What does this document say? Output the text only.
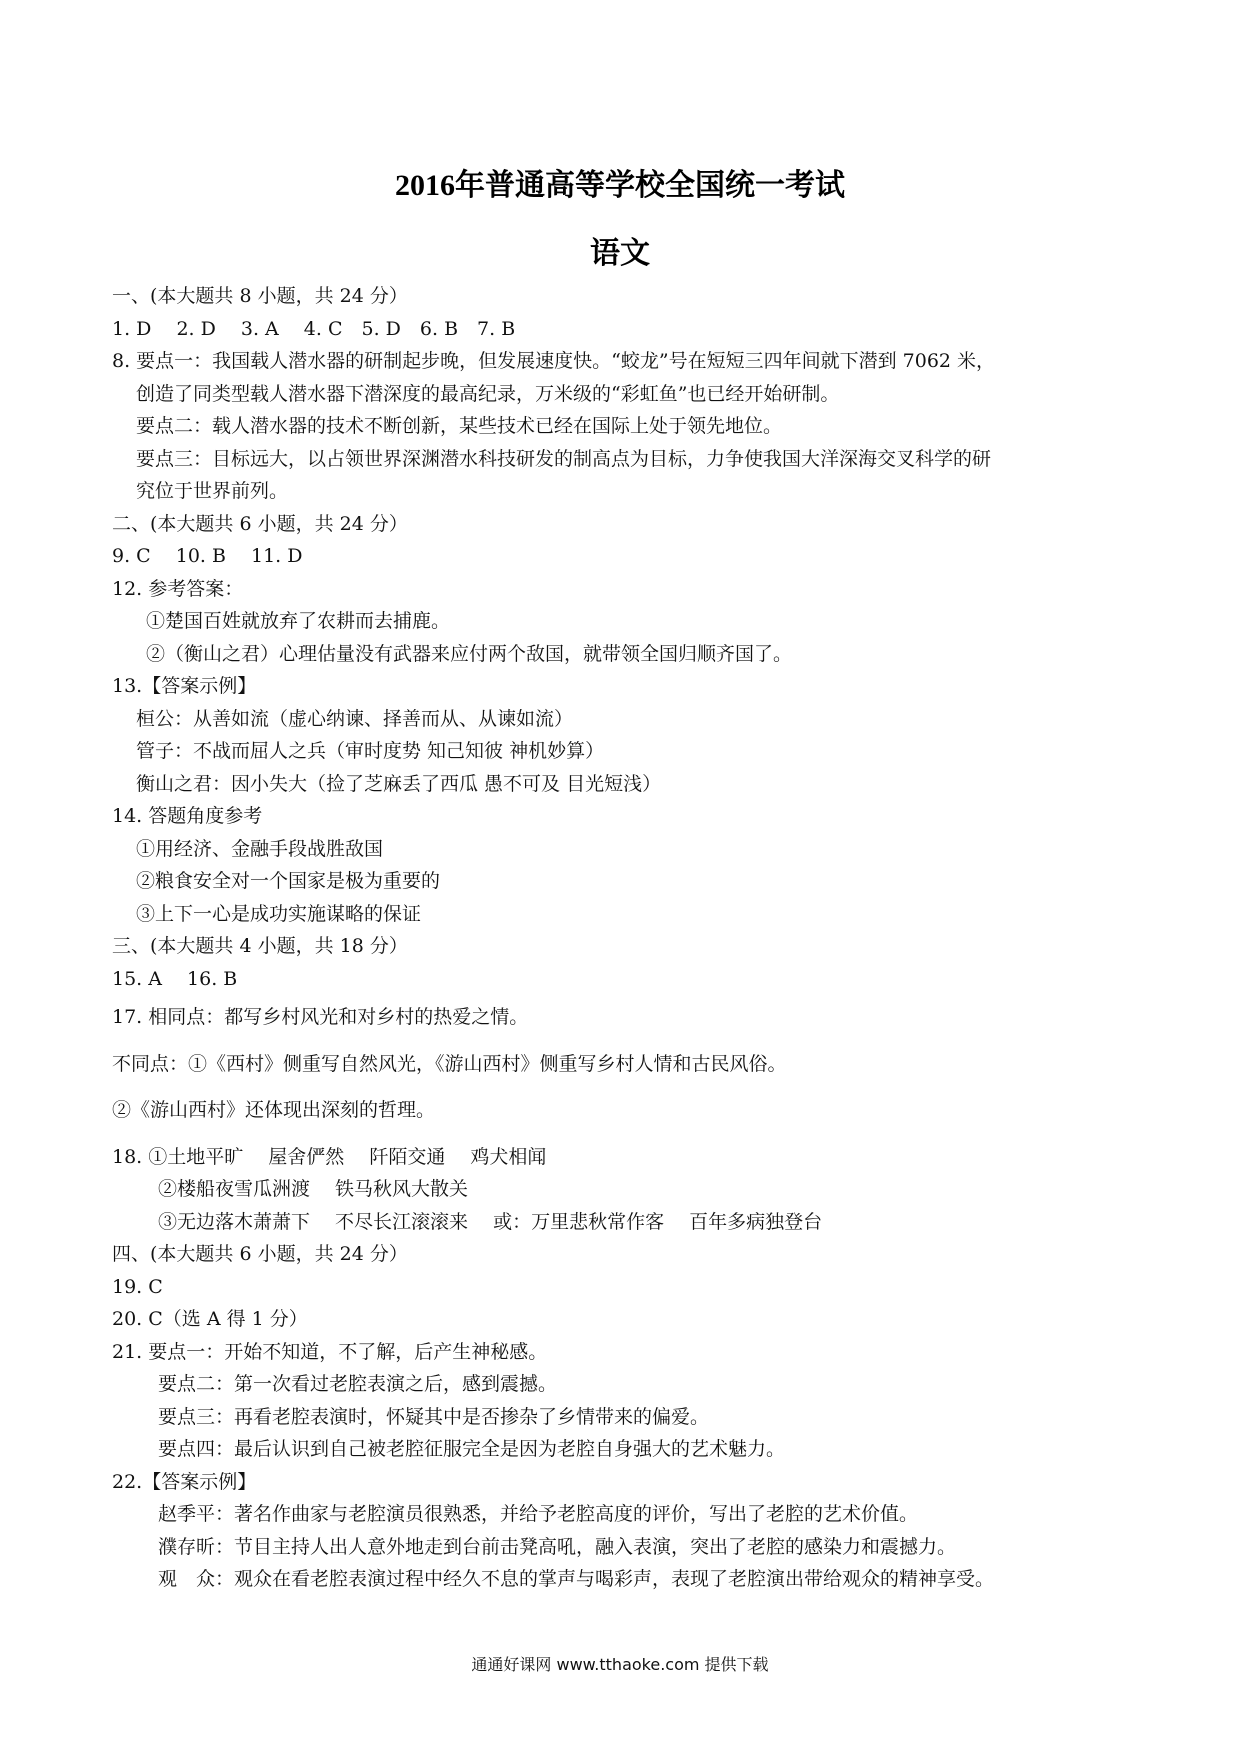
2016年普通高等学校全国统一考试
语文
一、(本大题共 8 小题，共 24 分）
1. D　 2. D　 3. A　 4. C　5. D　6. B　7. B
8. 要点一：我国载人潜水器的研制起步晚，但发展速度快。“蛟龙”号在短短三四年间就下潜到 7062 米，
创造了同类型载人潜水器下潜深度的最高纪录，万米级的“彩虹鱼”也已经开始研制。
要点二：载人潜水器的技术不断创新，某些技术已经在国际上处于领先地位。
要点三：目标远大，以占领世界深渊潜水科技研发的制高点为目标，力争使我国大洋深海交叉科学的研
究位于世界前列。
二、(本大题共 6 小题，共 24 分）
9. C　 10. B　 11. D
12. 参考答案：
①楚国百姓就放弃了农耕而去捕鹿。
②（衡山之君）心理估量没有武器来应付两个敌国，就带领全国归顺齐国了。
13.【答案示例】
桓公：从善如流（虚心纳谏、择善而从、从谏如流）
管子：不战而屈人之兵（审时度势 知己知彼 神机妙算）
衡山之君：因小失大（捡了芝麻丢了西瓜 愚不可及 目光短浅）
14. 答题角度参考
①用经济、金融手段战胜敌国
②粮食安全对一个国家是极为重要的
③上下一心是成功实施谋略的保证
三、(本大题共 4 小题，共 18 分）
15. A　 16. B
17. 相同点：都写乡村风光和对乡村的热爱之情。
不同点：①《西村》侧重写自然风光，《游山西村》侧重写乡村人情和古民风俗。
②《游山西村》还体现出深刻的哲理。
18. ①土地平旷　 屋舍俨然　 阡陌交通　 鸡犬相闻
②楼船夜雪瓜洲渡　 铁马秋风大散关
③无边落木萧萧下　 不尽长江滚滚来　 或：万里悲秋常作客　 百年多病独登台
四、(本大题共 6 小题，共 24 分）
19. C
20. C（选 A 得 1 分）
21. 要点一：开始不知道，不了解，后产生神秘感。
要点二：第一次看过老腔表演之后，感到震撼。
要点三：再看老腔表演时，怀疑其中是否掺杂了乡情带来的偏爱。
要点四：最后认识到自己被老腔征服完全是因为老腔自身强大的艺术魅力。
22.【答案示例】
赵季平：著名作曲家与老腔演员很熟悉，并给予老腔高度的评价，写出了老腔的艺术价值。
濮存昕：节目主持人出人意外地走到台前击凳高吼，融入表演，突出了老腔的感染力和震撼力。
观　众：观众在看老腔表演过程中经久不息的掌声与喝彩声，表现了老腔演出带给观众的精神享受。
通通好课网 www.tthaoke.com 提供下载
